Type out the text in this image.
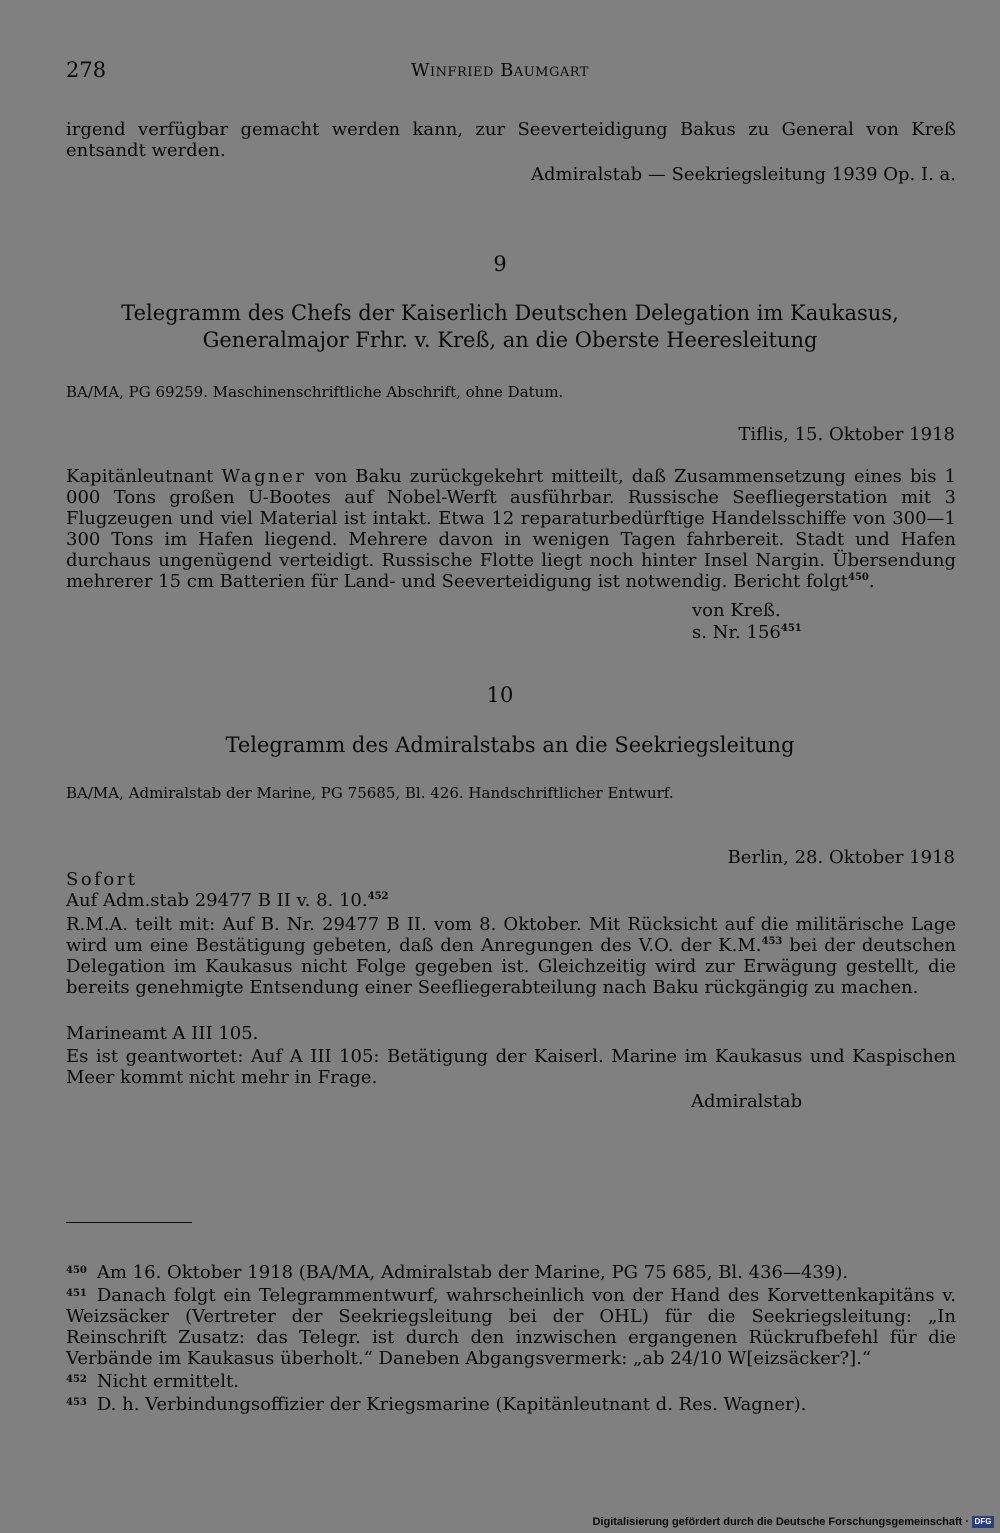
278	Winfried Baumgart
irgend verfügbar gemacht werden kann, zur Seeverteidigung Bakus zu General von Kreß entsandt werden.
Admiralstab — Seekriegsleitung 1939 Op. I. a.
9
Telegramm des Chefs der Kaiserlich Deutschen Delegation im Kaukasus, Generalmajor Frhr. v. Kreß, an die Oberste Heeresleitung
BA/MA, PG 69259. Maschinenschriftliche Abschrift, ohne Datum.
Tiflis, 15. Oktober 1918
Kapitänleutnant Wagner von Baku zurückgekehrt mitteilt, daß Zusammensetzung eines bis 1 000 Tons großen U-Bootes auf Nobel-Werft ausführbar. Russische Seefliegerstation mit 3 Flugzeugen und viel Material ist intakt. Etwa 12 reparaturbedürftige Handelsschiffe von 300—1 300 Tons im Hafen liegend. Mehrere davon in wenigen Tagen fahrbereit. Stadt und Hafen durchaus ungenügend verteidigt. Russische Flotte liegt noch hinter Insel Nargin. Übersendung mehrerer 15 cm Batterien für Land- und Seeverteidigung ist notwendig. Bericht folgt$^{450}$.
von Kreß.
s. Nr. $156^{451}$
10
Telegramm des Admiralstabs an die Seekriegsleitung
BA/MA, Admiralstab der Marine, PG 75685, Bl. 426. Handschriftlicher Entwurf.
Berlin, 28. Oktober 1918
Sofort
Auf Adm.stab 29477 B II v. 8. 10.$^{452}$
R.M.A. teilt mit: Auf B. Nr. 29477 B II. vom 8. Oktober. Mit Rücksicht auf die militärische Lage wird um eine Bestätigung gebeten, daß den Anregungen des V.O. der K.M.$^{453}$ bei der deutschen Delegation im Kaukasus nicht Folge gegeben ist. Gleichzeitig wird zur Erwägung gestellt, die bereits genehmigte Entsendung einer Seefliegerabteilung nach Baku rückgängig zu machen.
Marineamt A III 105.
Es ist geantwortet: Auf A III 105: Betätigung der Kaiserl. Marine im Kaukasus und Kaspischen Meer kommt nicht mehr in Frage.
Admiralstab
$^{450}$ Am 16. Oktober 1918 (BA/MA, Admiralstab der Marine, PG 75 685, Bl. 436—439).
$^{451}$ Danach folgt ein Telegrammentwurf, wahrscheinlich von der Hand des Korvettenkapitäns v. Weizsäcker (Vertreter der Seekriegsleitung bei der OHL) für die Seekriegsleitung: „In Reinschrift Zusatz: das Telegr. ist durch den inzwischen ergangenen Rückrufbefehl für die Verbände im Kaukasus überholt.“ Daneben Abgangsvermerk: „ab 24/10 W[eizsäcker?].“
$^{452}$ Nicht ermittelt.
$^{453}$ D. h. Verbindungsoffizier der Kriegsmarine (Kapitänleutnant d. Res. Wagner).
Digitalisierung gefördert durch die Deutsche Forschungsgemeinschaft · DFG
